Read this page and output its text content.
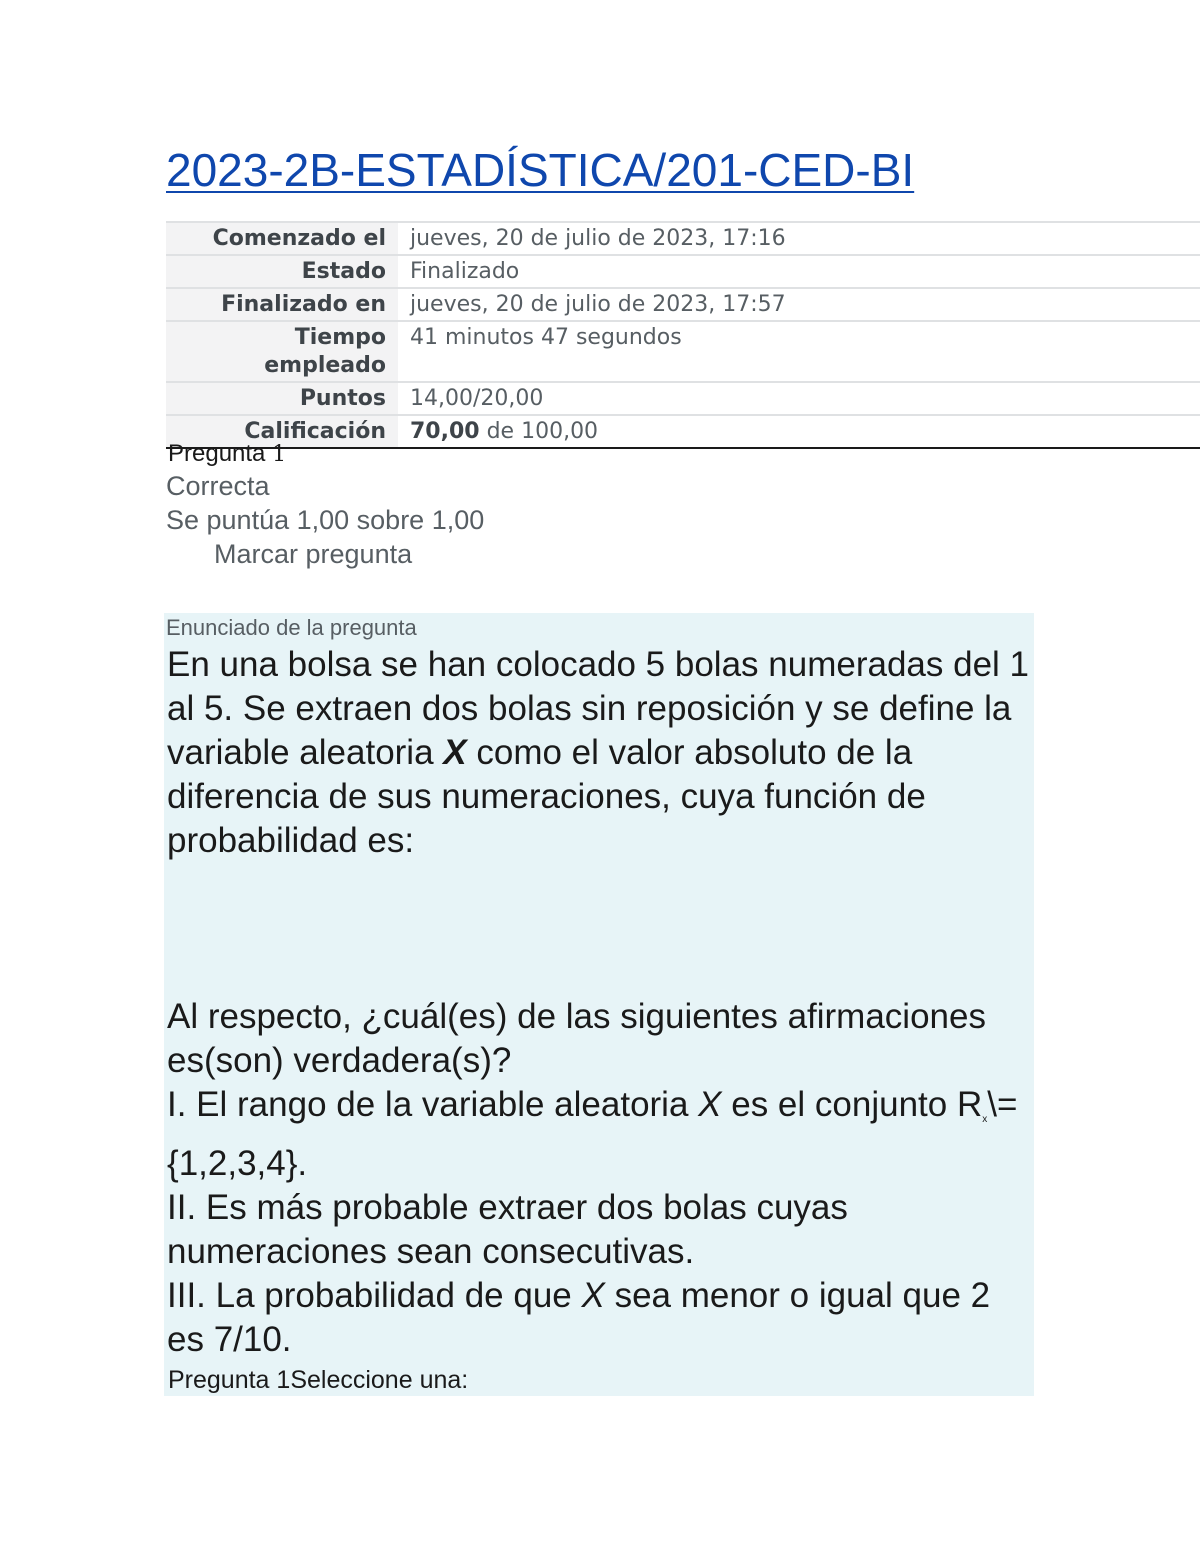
2023-2B-ESTADÍSTICA/201-CED-BI
Comenzado el	jueves, 20 de julio de 2023, 17:16
Estado	Finalizado
Finalizado en	jueves, 20 de julio de 2023, 17:57
Tiempo empleado	41 minutos 47 segundos
Puntos	14,00/20,00
Calificación	70,00 de 100,00
Pregunta 1
Correcta
Se puntúa 1,00 sobre 1,00
Marcar pregunta
Enunciado de la pregunta

En una bolsa se han colocado 5 bolas numeradas del 1 al 5. Se extraen dos bolas sin reposición y se define la variable aleatoria X como el valor absoluto de la diferencia de sus numeraciones, cuya función de probabilidad es:

Al respecto, ¿cuál(es) de las siguientes afirmaciones es(son) verdadera(s)?

I. El rango de la variable aleatoria X es el conjunto $R_x\backslash=\{1,2,3,4\}$.

II. Es más probable extraer dos bolas cuyas numeraciones sean consecutivas.

III. La probabilidad de que X sea menor o igual que 2 es 7/10.

Pregunta 1Seleccione una:
